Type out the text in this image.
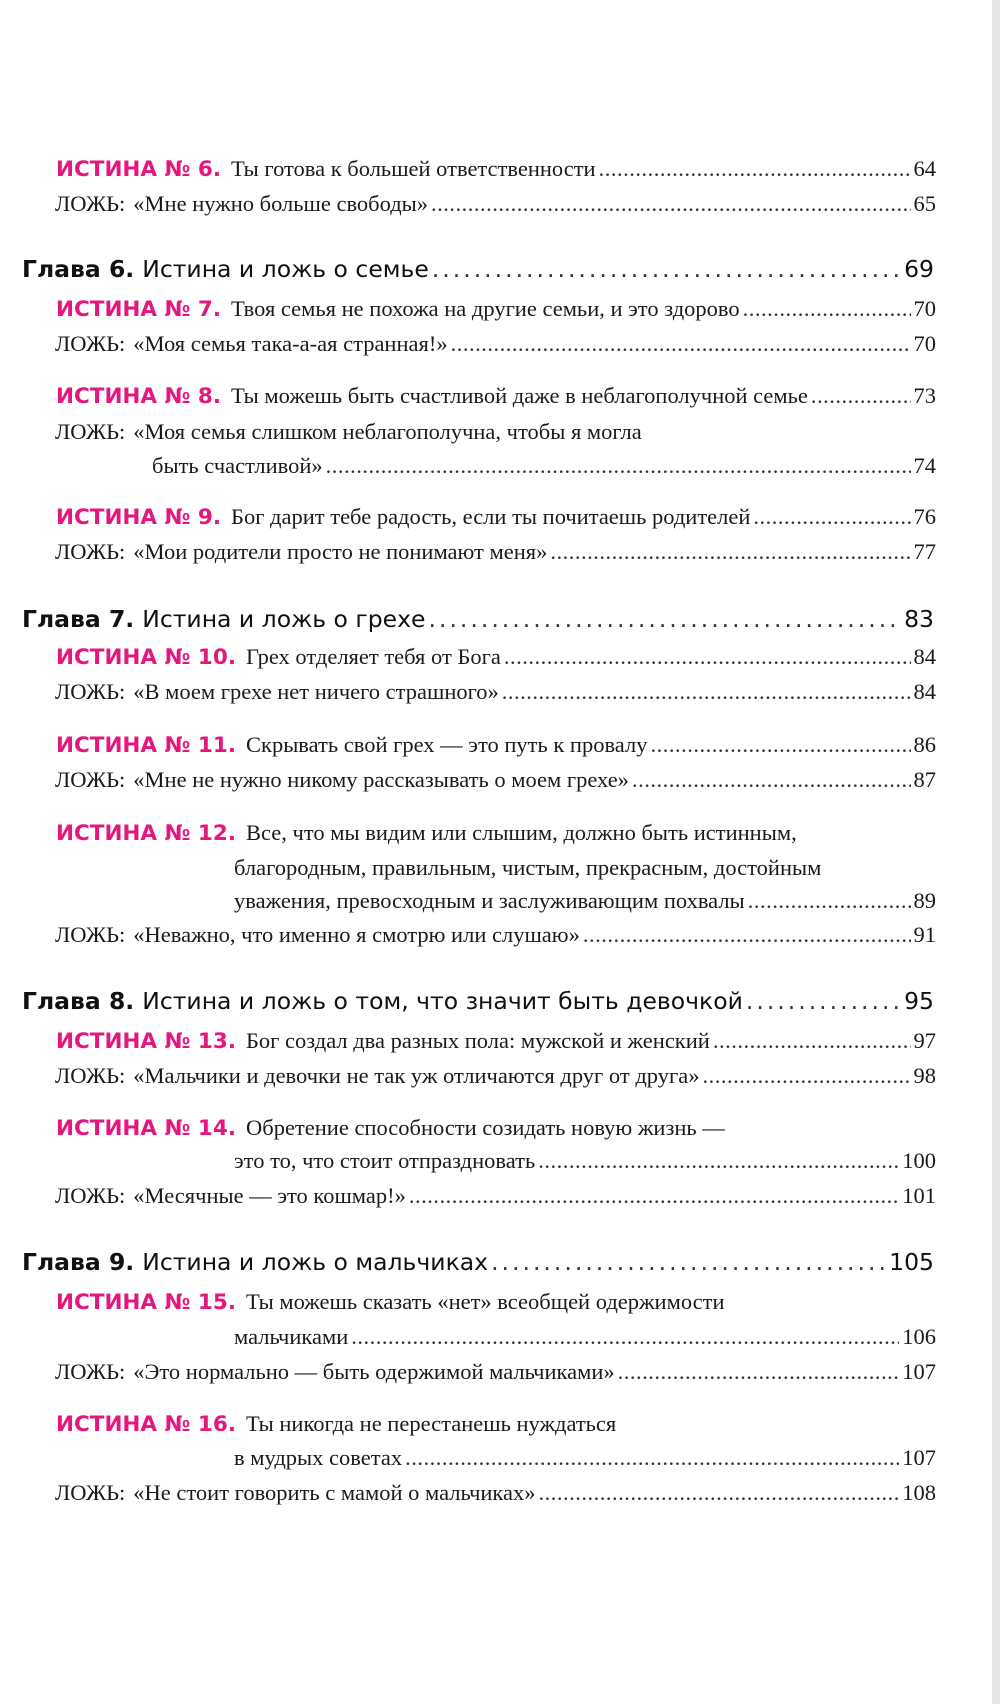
ИСТИНА № 6. Ты готова к большей ответственности .....	64
ЛОЖЬ: «Мне нужно больше свободы» .....	65
Глава 6. Истина и ложь о семье .....	69
ИСТИНА № 7. Твоя семья не похожа на другие семьи, и это здорово .....	70
ЛОЖЬ: «Моя семья така-а-ая странная!» .....	70
ИСТИНА № 8. Ты можешь быть счастливой даже в неблагополучной семье .....	73
ЛОЖЬ: «Моя семья слишком неблагополучна, чтобы я могла
быть счастливой» .....	74
ИСТИНА № 9. Бог дарит тебе радость, если ты почитаешь родителей .....	76
ЛОЖЬ: «Мои родители просто не понимают меня» .....	77
Глава 7. Истина и ложь о грехе .....	83
ИСТИНА № 10. Грех отделяет тебя от Бога .....	84
ЛОЖЬ: «В моем грехе нет ничего страшного» .....	84
ИСТИНА № 11. Скрывать свой грех — это путь к провалу .....	86
ЛОЖЬ: «Мне не нужно никому рассказывать о моем грехе» .....	87
ИСТИНА № 12. Все, что мы видим или слышим, должно быть истинным,
благородным, правильным, чистым, прекрасным, достойным
уважения, превосходным и заслуживающим похвалы .....	89
ЛОЖЬ: «Неважно, что именно я смотрю или слушаю» .....	91
Глава 8. Истина и ложь о том, что значит быть девочкой .....	95
ИСТИНА № 13. Бог создал два разных пола: мужской и женский .....	97
ЛОЖЬ: «Мальчики и девочки не так уж отличаются друг от друга» .....	98
ИСТИНА № 14. Обретение способности созидать новую жизнь —
это то, что стоит отпраздновать .....	100
ЛОЖЬ: «Месячные — это кошмар!» .....	101
Глава 9. Истина и ложь о мальчиках .....	105
ИСТИНА № 15. Ты можешь сказать «нет» всеобщей одержимости
мальчиками .....	106
ЛОЖЬ: «Это нормально — быть одержимой мальчиками» .....	107
ИСТИНА № 16. Ты никогда не перестанешь нуждаться
в мудрых советах .....	107
ЛОЖЬ: «Не стоит говорить с мамой о мальчиках» .....	108
